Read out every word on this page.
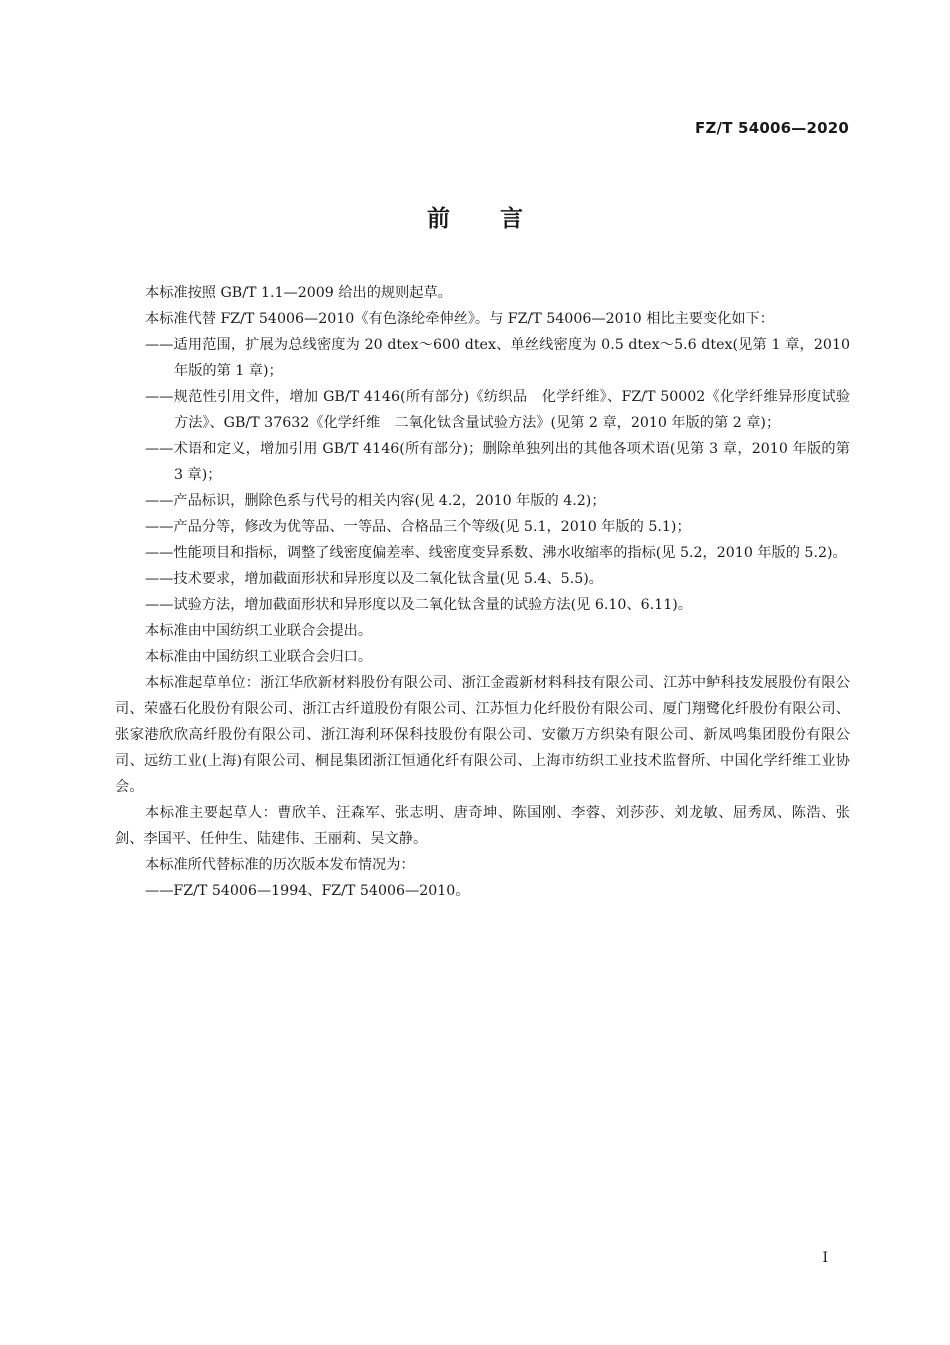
FZ/T 54006—2020
前言

本标准按照 GB/T 1.1—2009 给出的规则起草。

本标准代替 FZ/T 54006—2010《有色涤纶牵伸丝》。与 FZ/T 54006—2010 相比主要变化如下：

——适用范围，扩展为总线密度为 20 dtex～600 dtex、单丝线密度为 0.5 dtex～5.6 dtex(见第 1 章，2010 年版的第 1 章)；

——规范性引用文件，增加 GB/T 4146(所有部分)《纺织品　化学纤维》、FZ/T 50002《化学纤维异形度试验方法》、GB/T 37632《化学纤维　二氧化钛含量试验方法》(见第 2 章，2010 年版的第 2 章)；

——术语和定义，增加引用 GB/T 4146(所有部分)；删除单独列出的其他各项术语(见第 3 章，2010 年版的第 3 章)；

——产品标识，删除色系与代号的相关内容(见 4.2，2010 年版的 4.2)；

——产品分等，修改为优等品、一等品、合格品三个等级(见 5.1，2010 年版的 5.1)；

——性能项目和指标，调整了线密度偏差率、线密度变异系数、沸水收缩率的指标(见 5.2，2010 年版的 5.2)。

——技术要求，增加截面形状和异形度以及二氧化钛含量(见 5.4、5.5)。

——试验方法，增加截面形状和异形度以及二氧化钛含量的试验方法(见 6.10、6.11)。

本标准由中国纺织工业联合会提出。

本标准由中国纺织工业联合会归口。

本标准起草单位：浙江华欣新材料股份有限公司、浙江金霞新材料科技有限公司、江苏中鲈科技发展股份有限公司、荣盛石化股份有限公司、浙江古纤道股份有限公司、江苏恒力化纤股份有限公司、厦门翔鹭化纤股份有限公司、张家港欣欣高纤股份有限公司、浙江海利环保科技股份有限公司、安徽万方织染有限公司、新凤鸣集团股份有限公司、远纺工业(上海)有限公司、桐昆集团浙江恒通化纤有限公司、上海市纺织工业技术监督所、中国化学纤维工业协会。

本标准主要起草人：曹欣羊、汪森军、张志明、唐奇坤、陈国刚、李蓉、刘莎莎、刘龙敏、屈秀凤、陈浩、张剑、李国平、任仲生、陆建伟、王丽莉、吴文静。

本标准所代替标准的历次版本发布情况为：

——FZ/T 54006—1994、FZ/T 54006—2010。

I
